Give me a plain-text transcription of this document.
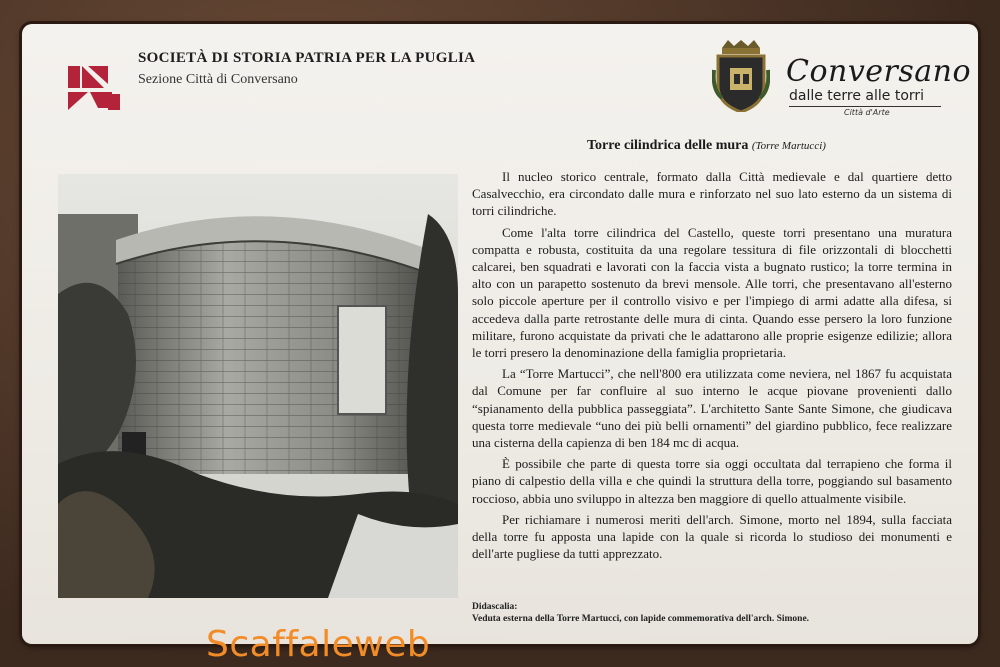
SOCIETÀ DI STORIA PATRIA PER LA PUGLIA
Sezione Città di Conversano	Conversano
dalle terre alle torri
Città d'Arte
Torre cilindrica delle mura (Torre Martucci)

Il nucleo storico centrale, formato dalla Città medievale e dal quartiere detto Casalvecchio, era circondato dalle mura e rinforzato nel suo lato esterno da un sistema di torri cilindriche.

Come l'alta torre cilindrica del Castello, queste torri presentano una muratura compatta e robusta, costituita da una regolare tessitura di file orizzontali di blocchetti calcarei, ben squadrati e lavorati con la faccia vista a bugnato rustico; la torre termina in alto con un parapetto sostenuto da brevi mensole. Alle torri, che presentavano all'esterno solo piccole aperture per il controllo visivo e per l'impiego di armi adatte alla difesa, si accedeva dalla parte retrostante delle mura di cinta. Quando esse persero la loro funzione militare, furono acquistate da privati che le adattarono alle proprie esigenze edilizie; allora le torri presero la denominazione della famiglia proprietaria.

La “Torre Martucci”, che nell'800 era utilizzata come neviera, nel 1867 fu acquistata dal Comune per far confluire al suo interno le acque piovane provenienti dallo “spianamento della pubblica passeggiata”. L'architetto Sante Sante Simone, che giudicava questa torre medievale “uno dei più belli ornamenti” del giardino pubblico, fece realizzare una cisterna della capienza di ben 184 mc di acqua.

È possibile che parte di questa torre sia oggi occultata dal terrapieno che forma il piano di calpestio della villa e che quindi la struttura della torre, poggiando sul basamento roccioso, abbia uno sviluppo in altezza ben maggiore di quello attualmente visibile.

Per richiamare i numerosi meriti dell'arch. Simone, morto nel 1894, sulla facciata della torre fu apposta una lapide con la quale si ricorda lo studioso dei monumenti e dell'arte pugliese da tutti apprezzato.

Didascalia:
Veduta esterna della Torre Martucci, con lapide commemorativa dell'arch. Simone.
Scaffaleweb
